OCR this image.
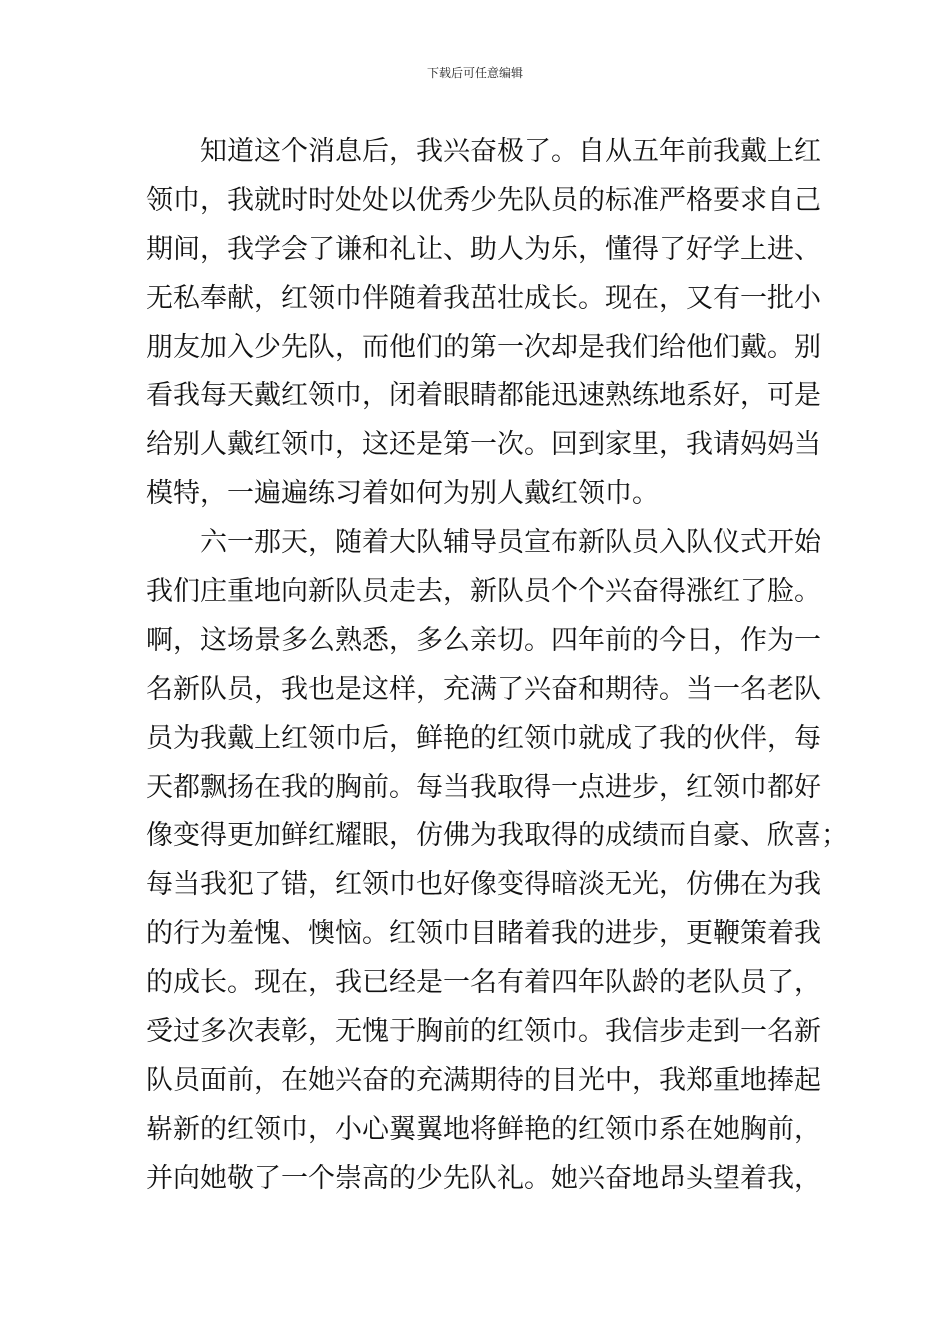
下载后可任意编辑
知道这个消息后，我兴奋极了。自从五年前我戴上红
领巾，我就时时处处以优秀少先队员的标准严格要求自己
期间，我学会了谦和礼让、助人为乐，懂得了好学上进、
无私奉献，红领巾伴随着我茁壮成长。现在，又有一批小
朋友加入少先队，而他们的第一次却是我们给他们戴。别
看我每天戴红领巾，闭着眼睛都能迅速熟练地系好，可是
给别人戴红领巾，这还是第一次。回到家里，我请妈妈当
模特，一遍遍练习着如何为别人戴红领巾。
六一那天，随着大队辅导员宣布新队员入队仪式开始
我们庄重地向新队员走去，新队员个个兴奋得涨红了脸。
啊，这场景多么熟悉，多么亲切。四年前的今日，作为一
名新队员，我也是这样，充满了兴奋和期待。当一名老队
员为我戴上红领巾后，鲜艳的红领巾就成了我的伙伴，每
天都飘扬在我的胸前。每当我取得一点进步，红领巾都好
像变得更加鲜红耀眼，仿佛为我取得的成绩而自豪、欣喜；
每当我犯了错，红领巾也好像变得暗淡无光，仿佛在为我
的行为羞愧、懊恼。红领巾目睹着我的进步，更鞭策着我
的成长。现在，我已经是一名有着四年队龄的老队员了，
受过多次表彰，无愧于胸前的红领巾。我信步走到一名新
队员面前，在她兴奋的充满期待的目光中，我郑重地捧起
崭新的红领巾，小心翼翼地将鲜艳的红领巾系在她胸前，
并向她敬了一个崇高的少先队礼。她兴奋地昂头望着我，
